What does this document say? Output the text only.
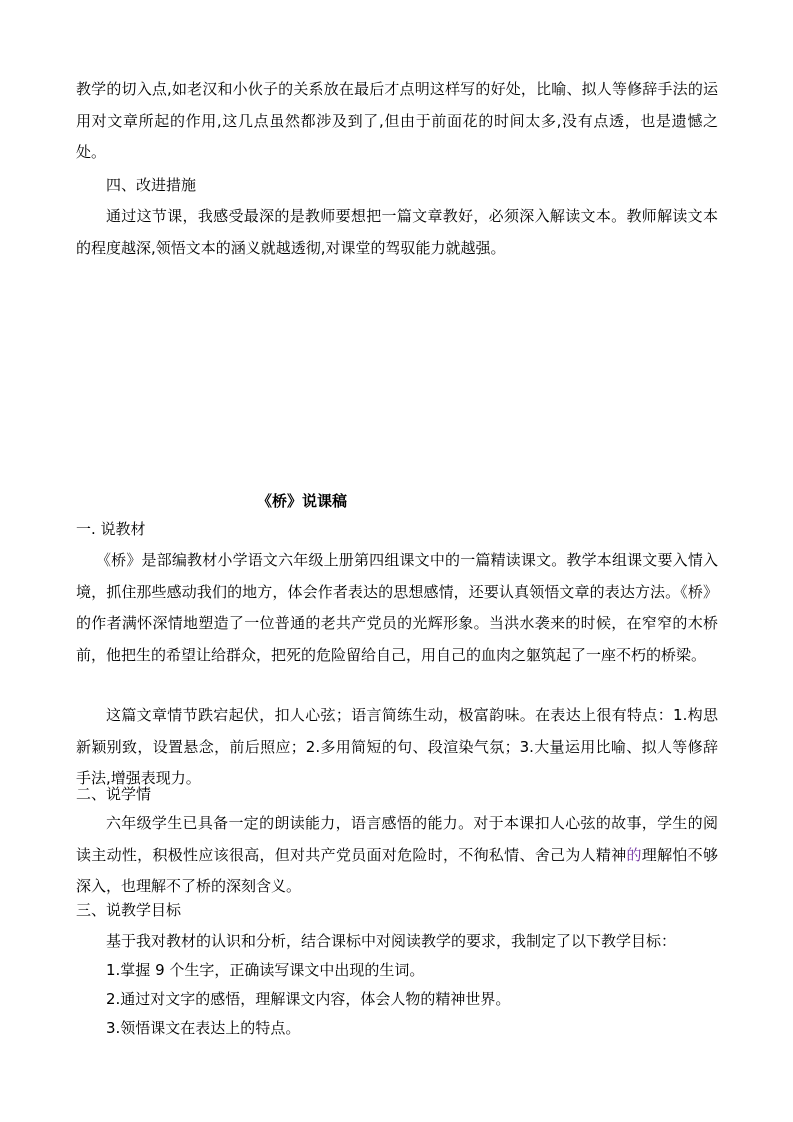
教学的切入点,如老汉和小伙子的关系放在最后才点明这样写的好处，比喻、拟人等修辞手法的运用对文章所起的作用,这几点虽然都涉及到了,但由于前面花的时间太多,没有点透，也是遗憾之处。

四、改进措施

通过这节课，我感受最深的是教师要想把一篇文章教好，必须深入解读文本。教师解读文本的程度越深,领悟文本的涵义就越透彻,对课堂的驾驭能力就越强。

《桥》说课稿

一. 说教材

《桥》是部编教材小学语文六年级上册第四组课文中的一篇精读课文。教学本组课文要入情入境，抓住那些感动我们的地方，体会作者表达的思想感情，还要认真领悟文章的表达方法。《桥》的作者满怀深情地塑造了一位普通的老共产党员的光辉形象。当洪水袭来的时候，在窄窄的木桥前，他把生的希望让给群众，把死的危险留给自己，用自己的血肉之躯筑起了一座不朽的桥梁。

这篇文章情节跌宕起伏，扣人心弦；语言简练生动，极富韵味。在表达上很有特点：1.构思新颖别致，设置悬念，前后照应；2.多用简短的句、段渲染气氛；3.大量运用比喻、拟人等修辞手法,增强表现力。

二、说学情

六年级学生已具备一定的朗读能力，语言感悟的能力。对于本课扣人心弦的故事，学生的阅读主动性，积极性应该很高，但对共产党员面对危险时，不徇私情、舍己为人精神的理解怕不够深入，也理解不了桥的深刻含义。

三、说教学目标

基于我对教材的认识和分析，结合课标中对阅读教学的要求，我制定了以下教学目标：

1.掌握 9 个生字，正确读写课文中出现的生词。

2.通过对文字的感悟，理解课文内容，体会人物的精神世界。

3.领悟课文在表达上的特点。
